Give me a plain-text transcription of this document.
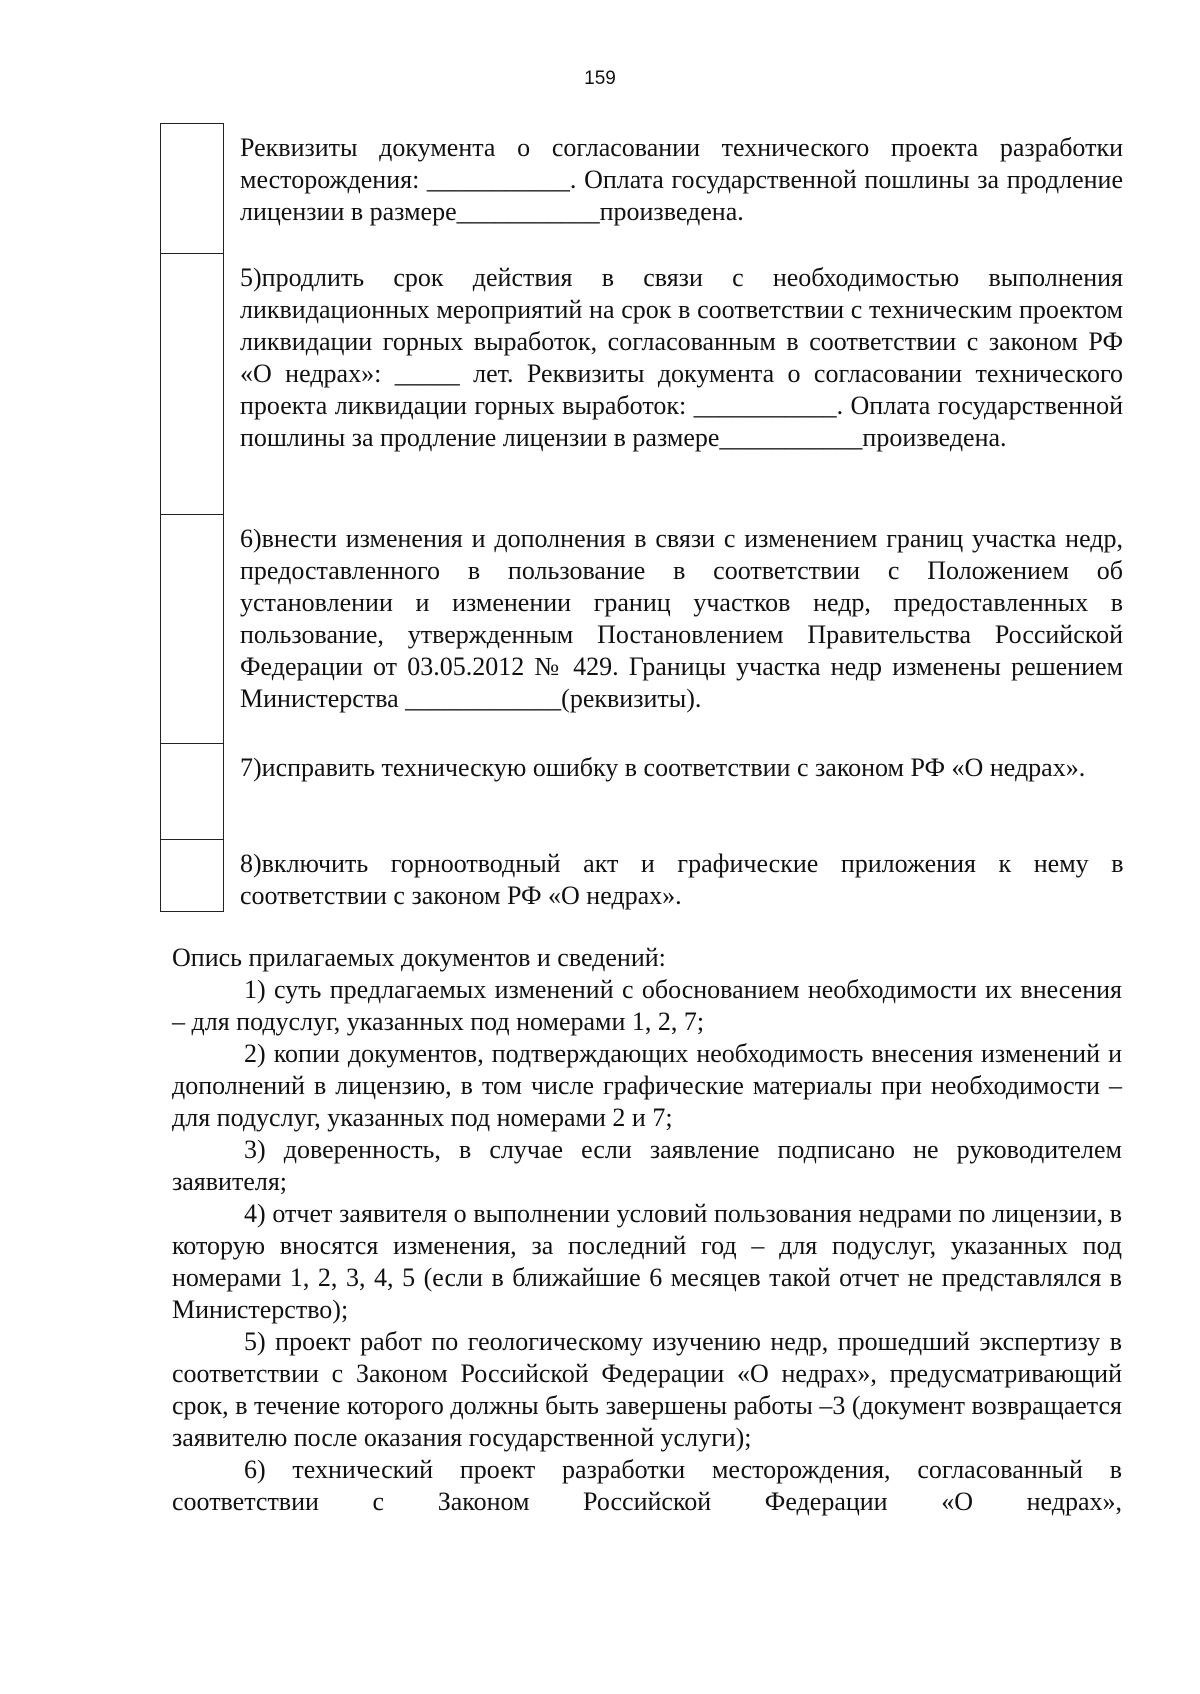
159

	Реквизиты документа о согласовании технического проекта разработки месторождения: ___________. Оплата государственной пошлины за продление лицензии в размере___________произведена.

	5)продлить срок действия в связи с необходимостью выполнения ликвидационных мероприятий на срок в соответствии с техническим проектом ликвидации горных выработок, согласованным в соответствии с законом РФ «О недрах»: _____ лет. Реквизиты документа о согласовании технического проекта ликвидации горных выработок: ___________. Оплата государственной пошлины за продление лицензии в размере___________произведена.

	6)внести изменения и дополнения в связи с изменением границ участка недр, предоставленного в пользование в соответствии с Положением об установлении и изменении границ участков недр, предоставленных в пользование, утвержденным Постановлением Правительства Российской Федерации от 03.05.2012 № 429. Границы участка недр изменены решением Министерства ____________(реквизиты).

	7)исправить техническую ошибку в соответствии с законом РФ «О недрах».

	8)включить горноотводный акт и графические приложения к нему в соответствии с законом РФ «О недрах».

Опись прилагаемых документов и сведений:

1) суть предлагаемых изменений с обоснованием необходимости их внесения – для подуслуг, указанных под номерами 1, 2, 7;

2) копии документов, подтверждающих необходимость внесения изменений и дополнений в лицензию, в том числе графические материалы при необходимости – для подуслуг, указанных под номерами 2 и 7;

3) доверенность, в случае если заявление подписано не руководителем заявителя;

4) отчет заявителя о выполнении условий пользования недрами по лицензии, в которую вносятся изменения, за последний год – для подуслуг, указанных под номерами 1, 2, 3, 4, 5 (если в ближайшие 6 месяцев такой отчет не представлялся в Министерство);

5) проект работ по геологическому изучению недр, прошедший экспертизу в соответствии с Законом Российской Федерации «О недрах», предусматривающий срок, в течение которого должны быть завершены работы –3 (документ возвращается заявителю после оказания государственной услуги);

6) технический проект разработки месторождения, согласованный в соответствии с Законом Российской Федерации «О недрах»,
